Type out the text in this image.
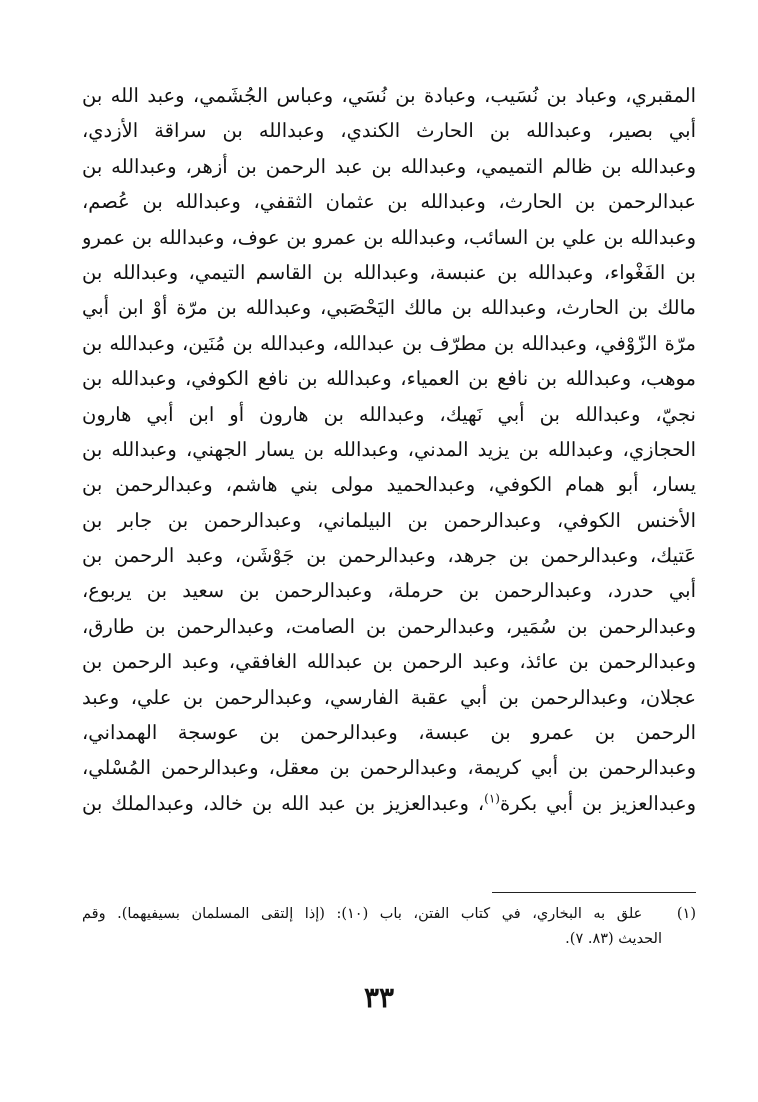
المقبري، وعباد بن نُسَيب، وعبادة بن نُسَي، وعباس الجُشَمي، وعبد الله بن
أبي بصير، وعبدالله بن الحارث الكندي، وعبدالله بن سراقة الأزدي،
وعبدالله بن ظالم التميمي، وعبدالله بن عبد الرحمن بن أزهر، وعبدالله بن
عبدالرحمن بن الحارث، وعبدالله بن عثمان الثقفي، وعبدالله بن عُصم،
وعبدالله بن علي بن السائب، وعبدالله بن عمرو بن عوف، وعبدالله بن عمرو
بن الفَغْواء، وعبدالله بن عنبسة، وعبدالله بن القاسم التيمي، وعبدالله بن
مالك بن الحارث، وعبدالله بن مالك اليَحْصَبي، وعبدالله بن مرّة أوْ ابن أبي
مرّة الزّوْفي، وعبدالله بن مطرّف بن عبدالله، وعبدالله بن مُنَين، وعبدالله بن
موهب، وعبدالله بن نافع بن العمياء، وعبدالله بن نافع الكوفي، وعبدالله بن
نجيّ، وعبدالله بن أبي نَهيك، وعبدالله بن هارون أو ابن أبي هارون
الحجازي، وعبدالله بن يزيد المدني، وعبدالله بن يسار الجهني، وعبدالله بن
يسار، أبو همام الكوفي، وعبدالحميد مولى بني هاشم، وعبدالرحمن بن
الأخنس الكوفي، وعبدالرحمن بن البيلماني، وعبدالرحمن بن جابر بن
عَتيك، وعبدالرحمن بن جرهد، وعبدالرحمن بن جَوْشَن، وعبد الرحمن بن
أبي حدرد، وعبدالرحمن بن حرملة، وعبدالرحمن بن سعيد بن يربوع،
وعبدالرحمن بن سُمَير، وعبدالرحمن بن الصامت، وعبدالرحمن بن طارق،
وعبدالرحمن بن عائذ، وعبد الرحمن بن عبدالله الغافقي، وعبد الرحمن بن
عجلان، وعبدالرحمن بن أبي عقبة الفارسي، وعبدالرحمن بن علي، وعبد
الرحمن بن عمرو بن عبسة، وعبدالرحمن بن عوسجة الهمداني،
وعبدالرحمن بن أبي كريمة، وعبدالرحمن بن معقل، وعبدالرحمن المُسْلي،
وعبدالعزيز بن أبي بكرة$^{(١)}$، وعبدالعزيز بن عبد الله بن خالد، وعبدالملك بن
(١)   علق به البخاري، في كتاب الفتن، باب (١٠): (إذا إلتقى المسلمان بسيفيهما). وقم
الحديث (٨٣. ٧).
٣٣
